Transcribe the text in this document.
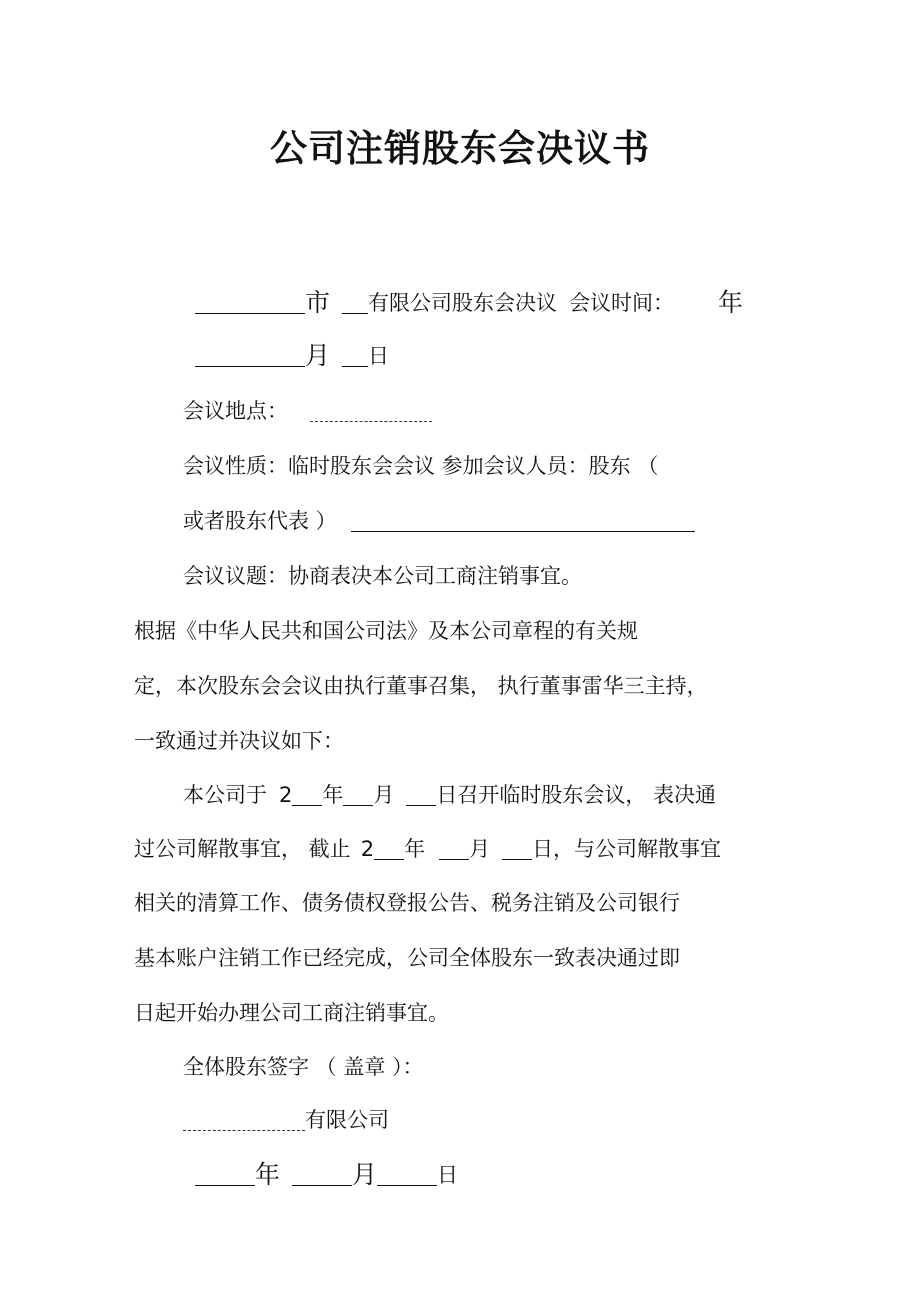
公司注销股东会决议书
市 有限公司股东会决议 会议时间： 年
月 日
会议地点：
会议性质：临时股东会会议 参加会议人员：股东 （
或者股东代表 ）
会议议题：协商表决本公司工商注销事宜。
根据《中华人民共和国公司法》及本公司章程的有关规
定，本次股东会会议由执行董事召集， 执行董事雷华三主持，
一致通过并决议如下：
本公司于 2 年 月 日召开临时股东会议， 表决通
过公司解散事宜， 截止 2 年 月 日，与公司解散事宜
相关的清算工作、债务债权登报公告、税务注销及公司银行
基本账户注销工作已经完成，公司全体股东一致表决通过即
日起开始办理公司工商注销事宜。
全体股东签字 （ 盖章 ）：
有限公司
年	月	日
